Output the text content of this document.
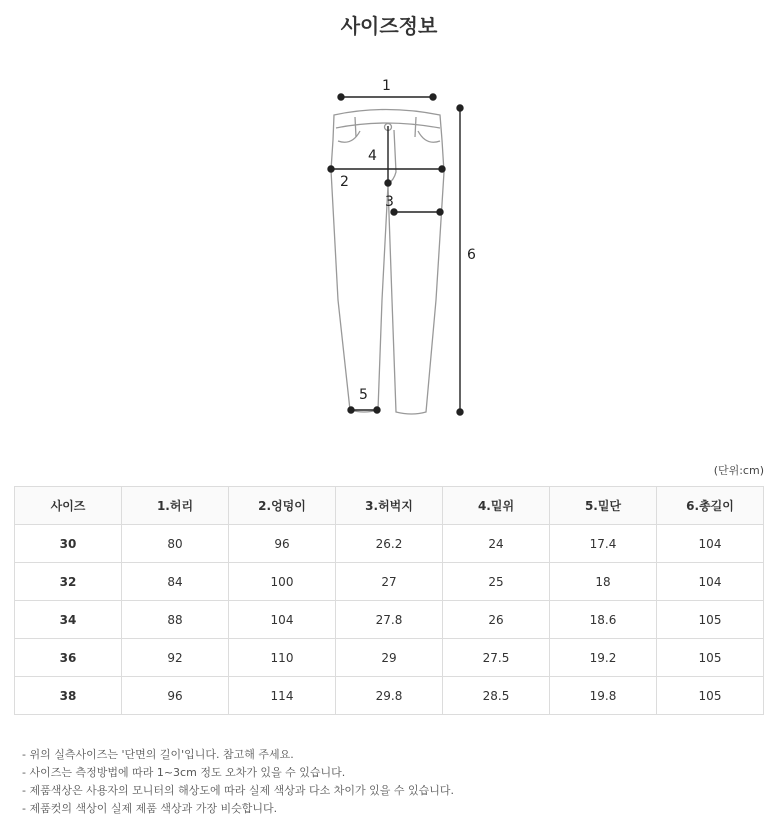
사이즈정보
1
2
3
4
5
6
(단위:cm)
사이즈	1.허리	2.엉덩이	3.허벅지	4.밑위	5.밑단	6.총길이
30	80	96	26.2	24	17.4	104
32	84	100	27	25	18	104
34	88	104	27.8	26	18.6	105
36	92	110	29	27.5	19.2	105
38	96	114	29.8	28.5	19.8	105
- 위의 실측사이즈는 '단면의 길이'입니다. 참고해 주세요.
- 사이즈는 측정방법에 따라 1~3cm 정도 오차가 있을 수 있습니다.
- 제품색상은 사용자의 모니터의 해상도에 따라 실제 색상과 다소 차이가 있을 수 있습니다.
- 제품컷의 색상이 실제 제품 색상과 가장 비슷합니다.
